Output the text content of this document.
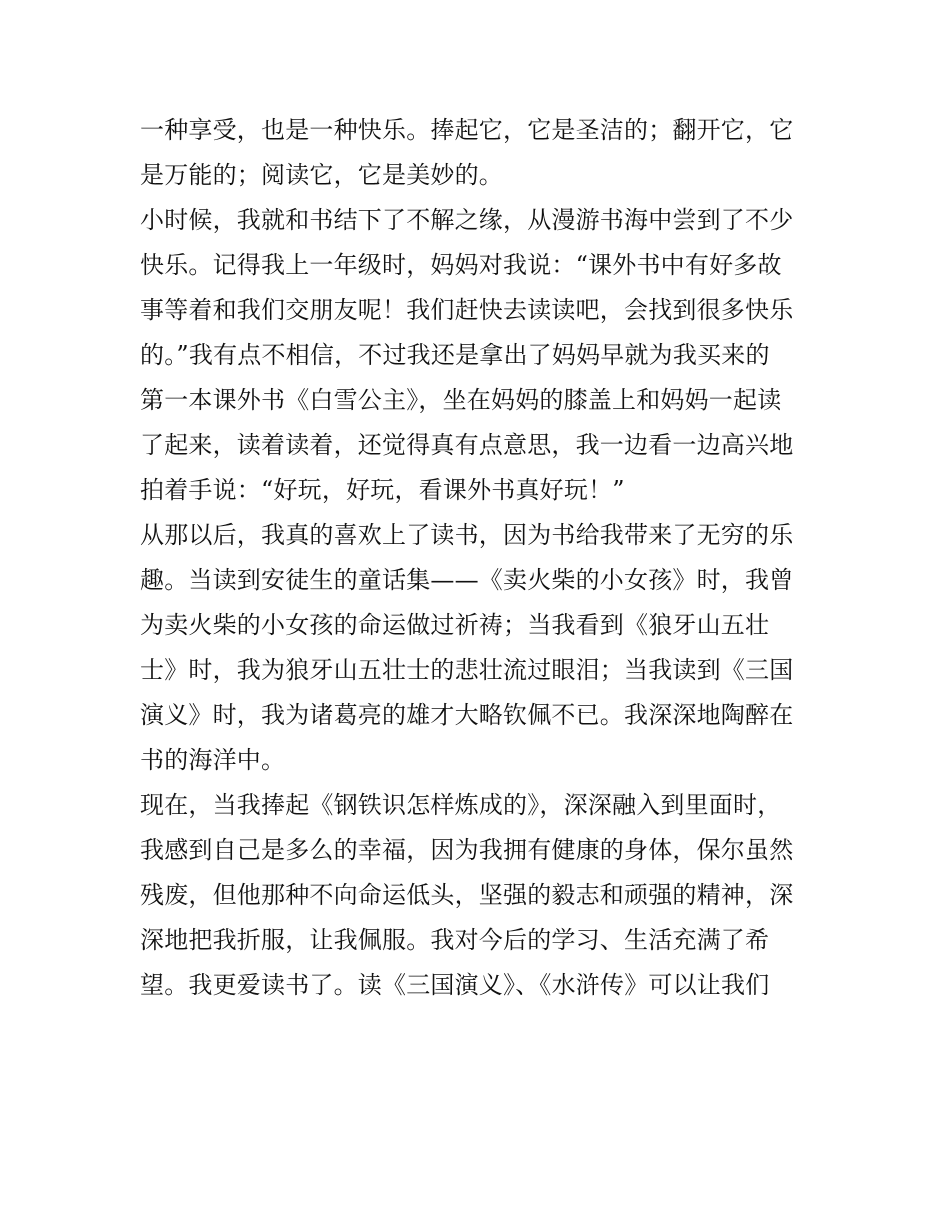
一种享受，也是一种快乐。捧起它，它是圣洁的；翻开它，它
是万能的；阅读它，它是美妙的。
小时候，我就和书结下了不解之缘，从漫游书海中尝到了不少
快乐。记得我上一年级时，妈妈对我说：“课外书中有好多故
事等着和我们交朋友呢！我们赶快去读读吧，会找到很多快乐
的。”我有点不相信，不过我还是拿出了妈妈早就为我买来的
第一本课外书《白雪公主》，坐在妈妈的膝盖上和妈妈一起读
了起来，读着读着，还觉得真有点意思，我一边看一边高兴地
拍着手说：“好玩，好玩，看课外书真好玩！”
从那以后，我真的喜欢上了读书，因为书给我带来了无穷的乐
趣。当读到安徒生的童话集——《卖火柴的小女孩》时，我曾
为卖火柴的小女孩的命运做过祈祷；当我看到《狼牙山五壮
士》时，我为狼牙山五壮士的悲壮流过眼泪；当我读到《三国
演义》时，我为诸葛亮的雄才大略钦佩不已。我深深地陶醉在
书的海洋中。
现在，当我捧起《钢铁识怎样炼成的》，深深融入到里面时，
我感到自己是多么的幸福，因为我拥有健康的身体，保尔虽然
残废，但他那种不向命运低头，坚强的毅志和顽强的精神，深
深地把我折服，让我佩服。我对今后的学习、生活充满了希
望。我更爱读书了。读《三国演义》、《水浒传》可以让我们
